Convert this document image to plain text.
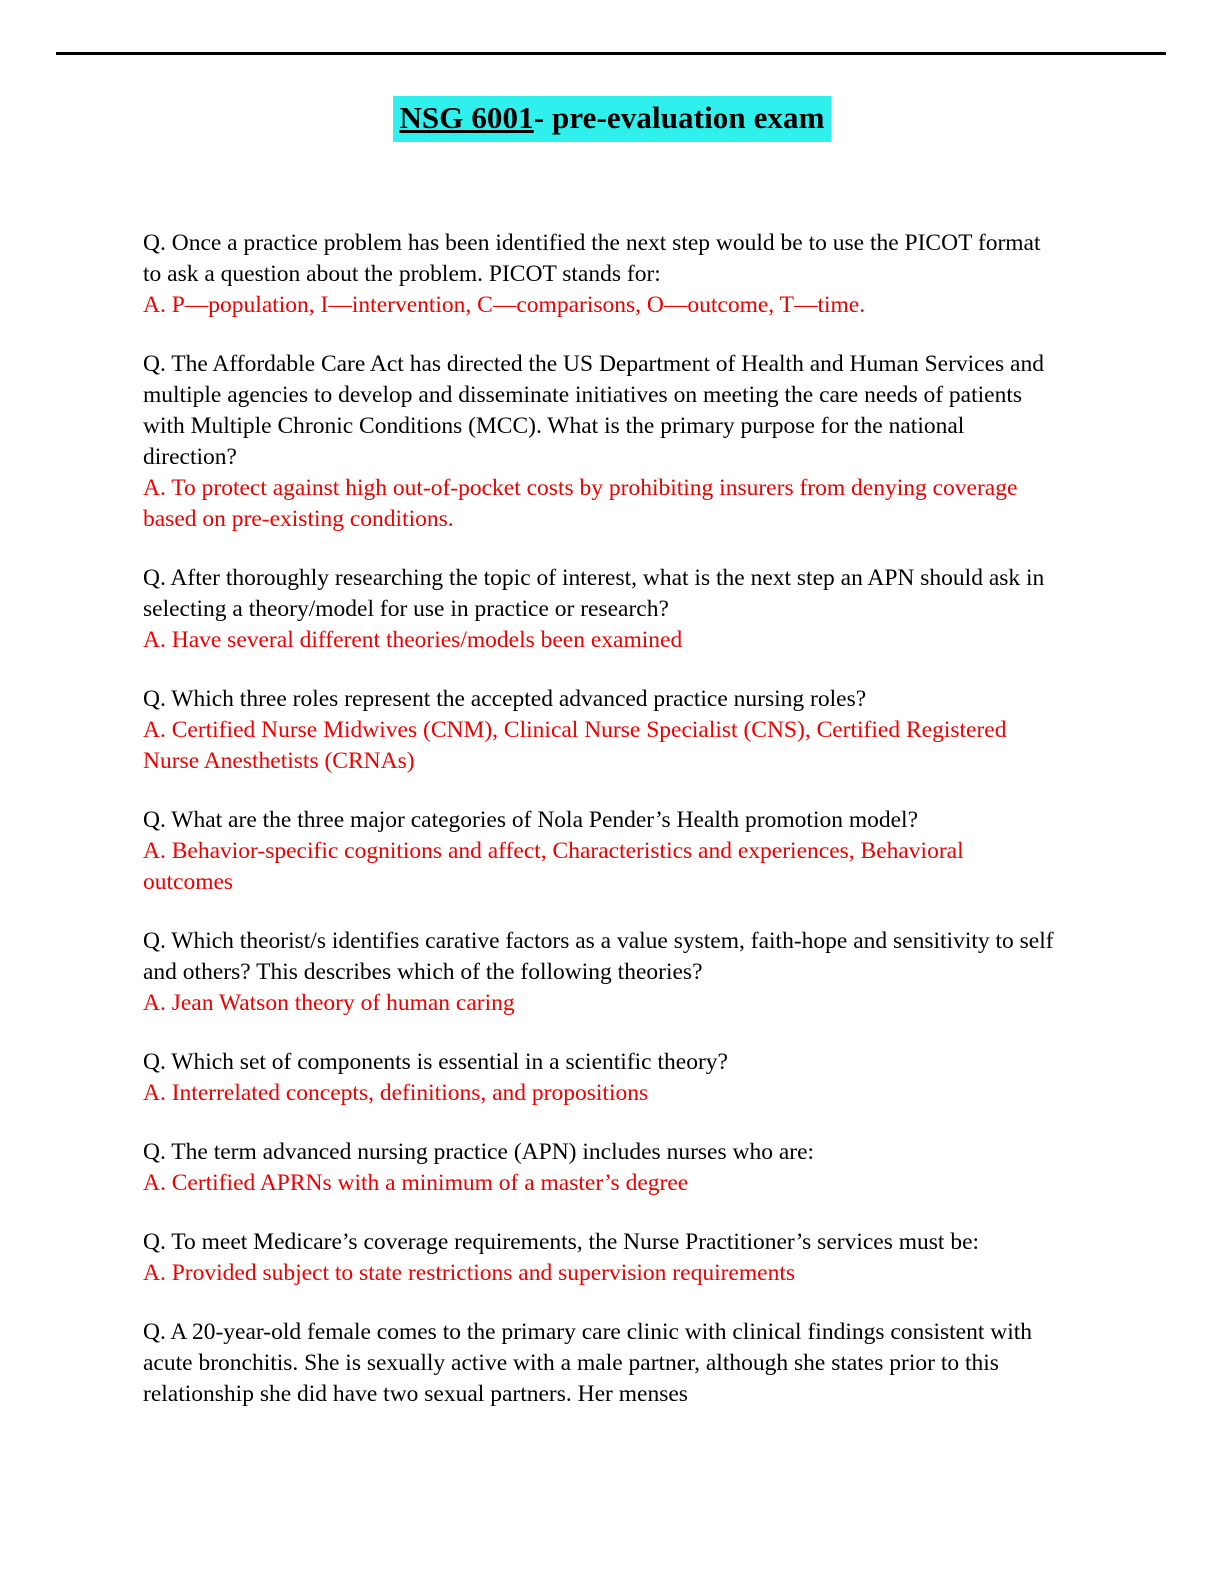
NSG 6001- pre-evaluation exam

Q. Once a practice problem has been identified the next step would be to use the PICOT format to ask a question about the problem. PICOT stands for:

A. P—population, I—intervention, C—comparisons, O—outcome, T—time.

Q. The Affordable Care Act has directed the US Department of Health and Human Services and multiple agencies to develop and disseminate initiatives on meeting the care needs of patients with Multiple Chronic Conditions (MCC). What is the primary purpose for the national direction?

A. To protect against high out-of-pocket costs by prohibiting insurers from denying coverage based on pre-existing conditions.

Q. After thoroughly researching the topic of interest, what is the next step an APN should ask in selecting a theory/model for use in practice or research?

A. Have several different theories/models been examined

Q. Which three roles represent the accepted advanced practice nursing roles?

A. Certified Nurse Midwives (CNM), Clinical Nurse Specialist (CNS), Certified Registered Nurse Anesthetists (CRNAs)

Q. What are the three major categories of Nola Pender’s Health promotion model?

A. Behavior-specific cognitions and affect, Characteristics and experiences, Behavioral outcomes

Q. Which theorist/s identifies carative factors as a value system, faith-hope and sensitivity to self and others? This describes which of the following theories?

A. Jean Watson theory of human caring

Q. Which set of components is essential in a scientific theory?

A. Interrelated concepts, definitions, and propositions

Q. The term advanced nursing practice (APN) includes nurses who are:

A. Certified APRNs with a minimum of a master’s degree

Q. To meet Medicare’s coverage requirements, the Nurse Practitioner’s services must be:

A. Provided subject to state restrictions and supervision requirements

Q. A 20-year-old female comes to the primary care clinic with clinical findings consistent with acute bronchitis. She is sexually active with a male partner, although she states prior to this relationship she did have two sexual partners. Her menses
